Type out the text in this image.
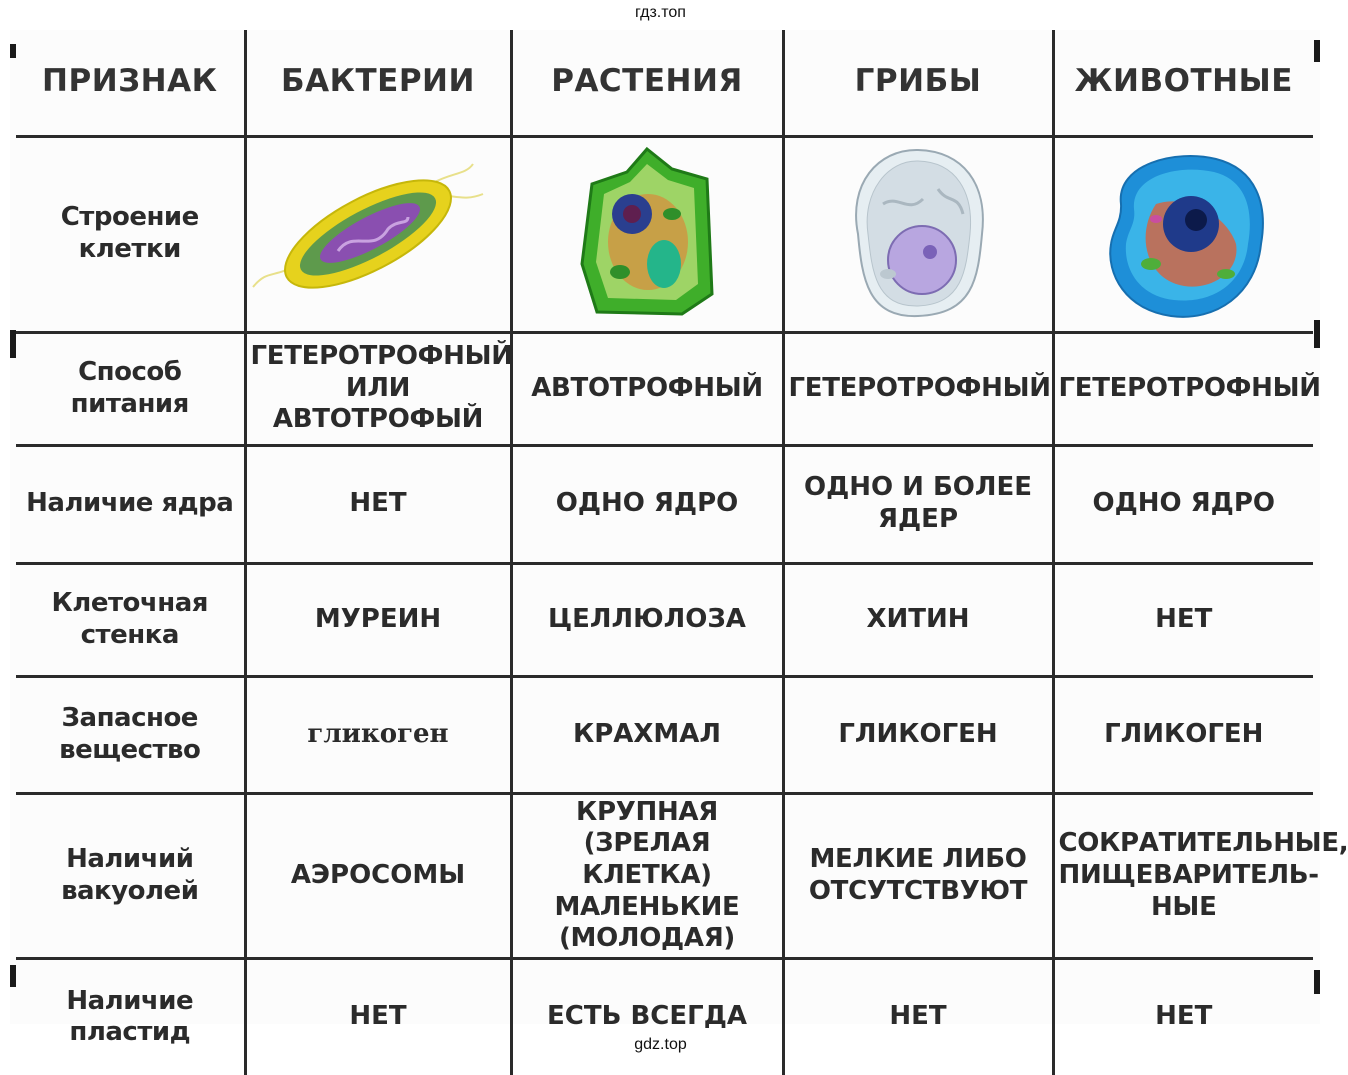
гдз.топ
ПРИЗНАК	БАКТЕРИИ	РАСТЕНИЯ	ГРИБЫ	ЖИВОТНЫЕ
Строение клетки	

Способ питания	ГЕТЕРОТРОФНЫЙ ИЛИ АВТОТРОФЫЙ	АВТОТРОФНЫЙ	ГЕТЕРОТРОФНЫЙ	ГЕТЕРОТРОФНЫЙ
Наличие ядра	НЕТ	ОДНО ЯДРО	ОДНО И БОЛЕЕ ЯДЕР	ОДНО ЯДРО
Клеточная стенка	МУРЕИН	ЦЕЛЛЮЛОЗА	ХИТИН	НЕТ
Запасное вещество	гликоген	КРАХМАЛ	ГЛИКОГЕН	ГЛИКОГЕН
Наличий вакуолей	АЭРОСОМЫ	КРУПНАЯ (ЗРЕЛАЯ КЛЕТКА) МАЛЕНЬКИЕ (МОЛОДАЯ)	МЕЛКИЕ ЛИБО ОТСУТСТВУЮТ	СОКРАТИТЕЛЬНЫЕ, ПИЩЕВАРИТЕЛЬ-НЫЕ
Наличие пластид	НЕТ	ЕСТЬ ВСЕГДА	НЕТ	НЕТ
gdz.top
